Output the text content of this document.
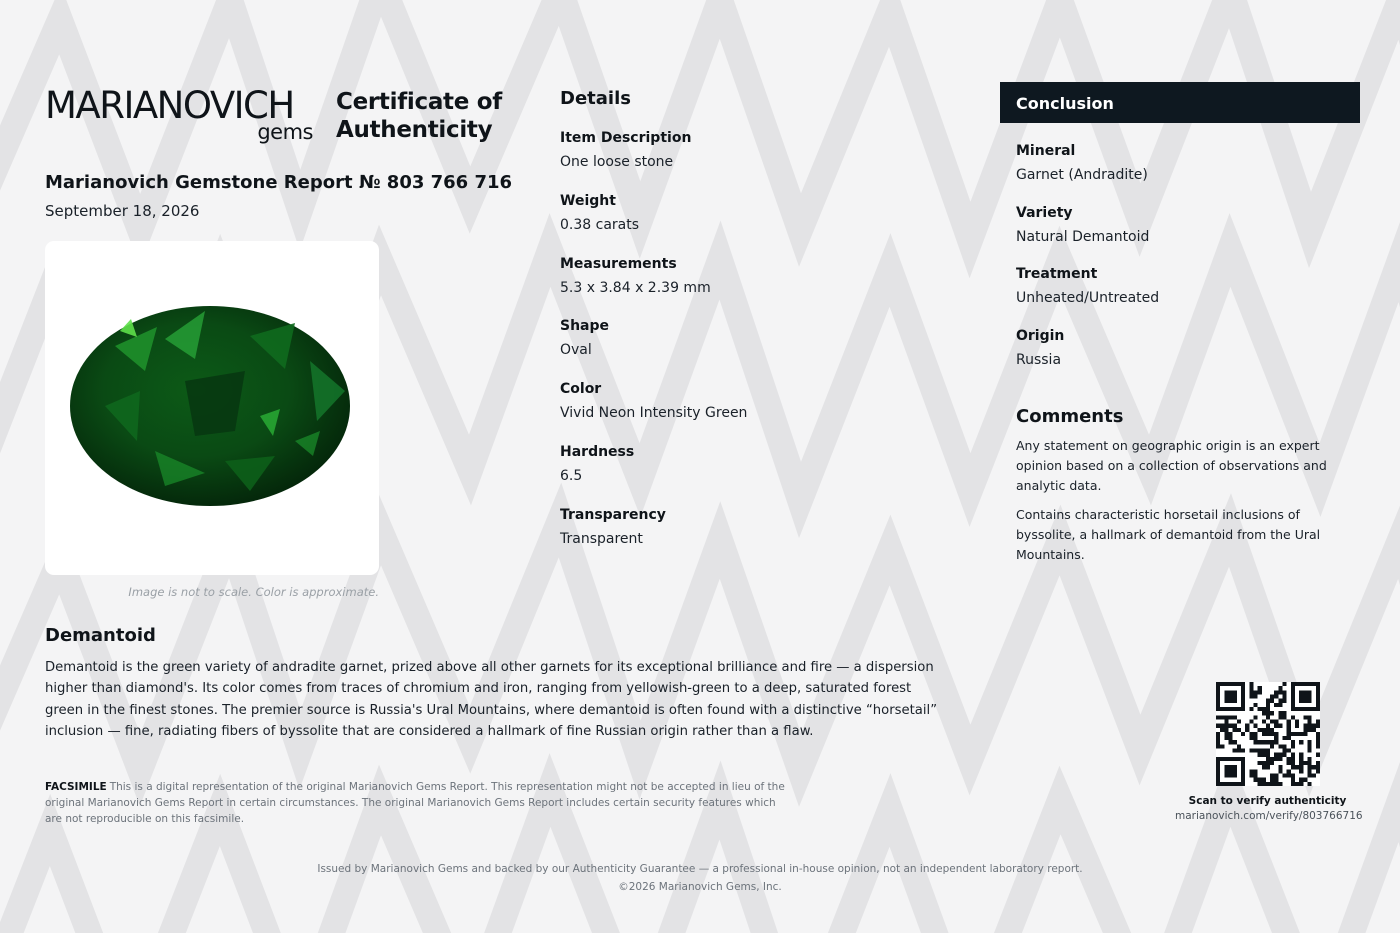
MARIANOVICH
gems
Certificate of Authenticity
Marianovich Gemstone Report № 803 766 716
September 18, 2026
Image is not to scale. Color is approximate.
Details
Item Description
One loose stone
Weight
0.38 carats
Measurements
5.3 x 3.84 x 2.39 mm
Shape
Oval
Color
Vivid Neon Intensity Green
Hardness
6.5
Transparency
Transparent
Conclusion
Mineral
Garnet (Andradite)
Variety
Natural Demantoid
Treatment
Unheated/Untreated
Origin
Russia
Comments

Any statement on geographic origin is an expert opinion based on a collection of observations and analytic data.

Contains characteristic horsetail inclusions of byssolite, a hallmark of demantoid from the Ural Mountains.

Demantoid

Demantoid is the green variety of andradite garnet, prized above all other garnets for its exceptional brilliance and fire — a dispersion higher than diamond's. Its color comes from traces of chromium and iron, ranging from yellowish-green to a deep, saturated forest green in the finest stones. The premier source is Russia's Ural Mountains, where demantoid is often found with a distinctive “horsetail” inclusion — fine, radiating fibers of byssolite that are considered a hallmark of fine Russian origin rather than a flaw.

FACSIMILE This is a digital representation of the original Marianovich Gems Report. This representation might not be accepted in lieu of the original Marianovich Gems Report in certain circumstances. The original Marianovich Gems Report includes certain security features which are not reproducible on this facsimile.
Scan to verify authenticity
marianovich.com/verify/803766716
Issued by Marianovich Gems and backed by our Authenticity Guarantee — a professional in-house opinion, not an independent laboratory report.
©2026 Marianovich Gems, Inc.
